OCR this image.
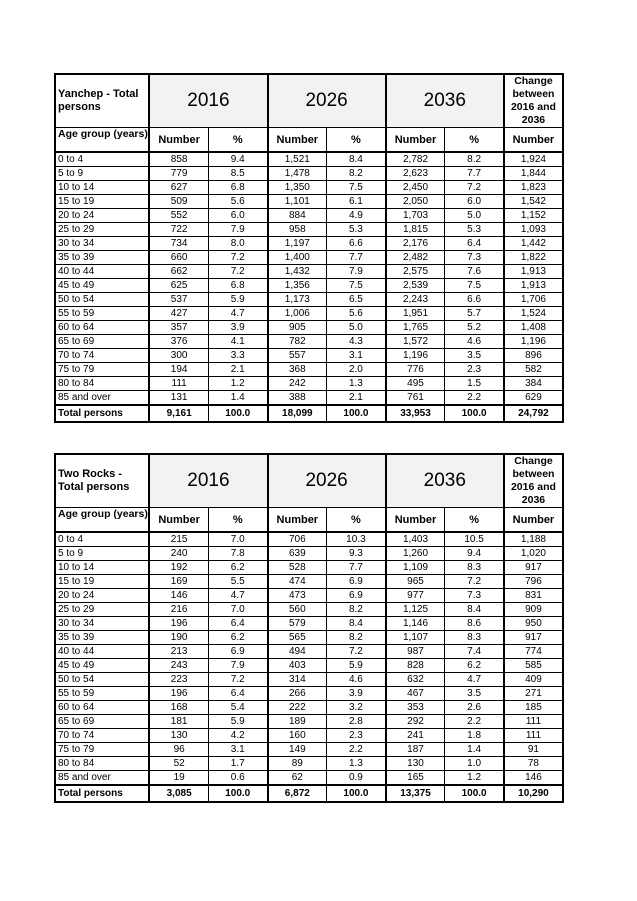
Yanchep - Total persons	2016		2026		2036		Change between 2016 and 2036
Age group (years)	Number	%	Number	%	Number	%	Number
0 to 4	858	9.4	1,521	8.4	2,782	8.2	1,924
5 to 9	779	8.5	1,478	8.2	2,623	7.7	1,844
10 to 14	627	6.8	1,350	7.5	2,450	7.2	1,823
15 to 19	509	5.6	1,101	6.1	2,050	6.0	1,542
20 to 24	552	6.0	884	4.9	1,703	5.0	1,152
25 to 29	722	7.9	958	5.3	1,815	5.3	1,093
30 to 34	734	8.0	1,197	6.6	2,176	6.4	1,442
35 to 39	660	7.2	1,400	7.7	2,482	7.3	1,822
40 to 44	662	7.2	1,432	7.9	2,575	7.6	1,913
45 to 49	625	6.8	1,356	7.5	2,539	7.5	1,913
50 to 54	537	5.9	1,173	6.5	2,243	6.6	1,706
55 to 59	427	4.7	1,006	5.6	1,951	5.7	1,524
60 to 64	357	3.9	905	5.0	1,765	5.2	1,408
65 to 69	376	4.1	782	4.3	1,572	4.6	1,196
70 to 74	300	3.3	557	3.1	1,196	3.5	896
75 to 79	194	2.1	368	2.0	776	2.3	582
80 to 84	111	1.2	242	1.3	495	1.5	384
85 and over	131	1.4	388	2.1	761	2.2	629
Total persons	9,161	100.0	18,099	100.0	33,953	100.0	24,792
Two Rocks - Total persons	2016		2026		2036		Change between 2016 and 2036
Age group (years)	Number	%	Number	%	Number	%	Number
0 to 4	215	7.0	706	10.3	1,403	10.5	1,188
5 to 9	240	7.8	639	9.3	1,260	9.4	1,020
10 to 14	192	6.2	528	7.7	1,109	8.3	917
15 to 19	169	5.5	474	6.9	965	7.2	796
20 to 24	146	4.7	473	6.9	977	7.3	831
25 to 29	216	7.0	560	8.2	1,125	8.4	909
30 to 34	196	6.4	579	8.4	1,146	8.6	950
35 to 39	190	6.2	565	8.2	1,107	8.3	917
40 to 44	213	6.9	494	7.2	987	7.4	774
45 to 49	243	7.9	403	5.9	828	6.2	585
50 to 54	223	7.2	314	4.6	632	4.7	409
55 to 59	196	6.4	266	3.9	467	3.5	271
60 to 64	168	5.4	222	3.2	353	2.6	185
65 to 69	181	5.9	189	2.8	292	2.2	111
70 to 74	130	4.2	160	2.3	241	1.8	111
75 to 79	96	3.1	149	2.2	187	1.4	91
80 to 84	52	1.7	89	1.3	130	1.0	78
85 and over	19	0.6	62	0.9	165	1.2	146
Total persons	3,085	100.0	6,872	100.0	13,375	100.0	10,290
